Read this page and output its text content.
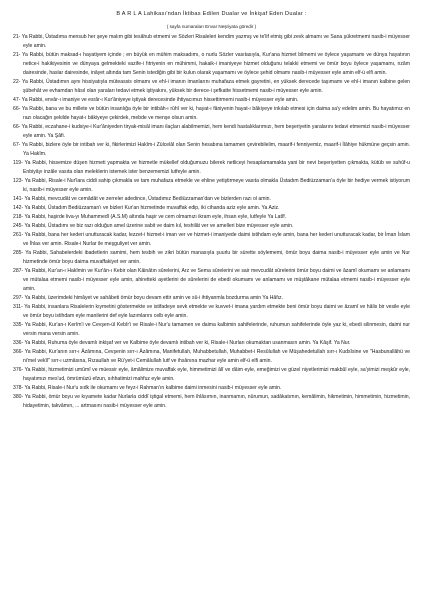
B A R L A Lahikası'ndan İktibas Edilen Dualar ve İnkişaf Eden Dualar :
( sayfa numaraları Envar Neşriyata göredir )

21- Ya Rabbi, Üstadıma mensub her şeye malım gibi tesâhub etmemi ve Sözleri Risaleleri kendim yazmış ve te'lif etmiş gibi zevk almamı ve Sana şükretmemi nasib-i müyesser eyle amin.

21- Ya Rabbi, bütün maksad-ı hayatiyem içinde ; en büyük en mühim maksadımı, o nurlu Sözler vasıtasıyla, Kur'ana hizmet bilmemi ve öylece yaşamamı ve dünya hayatının netice-i hakikiyesinin ve dünyaya gelmekteki vazife-i fıtriyenin en mühimmi, hakaik-i imaniyeye hizmet olduğunu telakki etmemi ve ömür boyu öylece yaşamamı, nzâm dairesinde, haslar dairesinde, inâyet altında tam Senin istediğin gibi bir kulun olarak yaşamamı ve öylece şehid olmamı nasib-i müyesser eyle amin elf-ü elfi amin.

22- Ya Rabbi, Üstadımın aynı hissiyatıyla müteassis olmamı ve ehl-i imanın imanlarını muhafaza etmek gayretini, en yüksek derecede taşımamı ve ehl-i imanın kalbine gelen şübehât ve evhamdan hâsıl olan yaraları tedavi etmek iştiyakını, yüksek bir derece-i şefkatte hissetmemi nasib-i müyesser eyle amin.

47- Ya Rabbi, envâr-ı imaniye ve esrâr-ı Kur'âniyeye iştiyak derecesinde ihtiyacımızı hissettirmemi nasib-i müyesser eyle amin.

66- Ya Rabbi, bana ve bu millete ve bütün insanlığa öyle bir intibâh-ı rûhî ver ki, hayat-ı fâniyenin hayat-ı bâkiyeye inkılab etmesi için daima sa'y edelim amin. Bu hayatımız en razı olacağın şekilde hayat-ı bâkiyeye çekirdek, mebde ve menşe olsun amin.

66- Ya Rabbi, eczahane-i kudsiye-i Kur'âniyeden tiryak-misâl imanı ilaçları alabilmemizi, hem kendi hastalıklarımızı, hem beşeriyetin yaralarını tedavi etmemizi nasib-i müyesser eyle amin. Ya Şâfi.

67- Ya Rabbi, bizlere öyle bir intibah ver ki, fikirlerimizi Hakîm-i Zülcelâl olan Senin hesabına tamamen çevirebilelim, maarif-i fenniyemiz, maarif-i İlâhiye hükmüne geçsin amin. Ya Hakîm.

119- Ya Rabbi, hissemize düşen hizmeti yapmakta ve hizmetle mükellef olduğumuzu bilerek netliceyi hesaplamamakta yani bir nevi beşeriyetten çıkmakta, kütüb ve suhûf-u Enbiyâyı inzâle vasıta olan meleklerin istemek ister benzememizi lutfeyle amin.

123- Ya Rabbi, Risale-i Nur'lara ciddi sahip çıkmakla ve tam muhafaza etmekle ve ehline yetiştirmeye vasıta olmakla Üstadım Bediüzzaman'a öyle bir hediye vermek istiyorum ki, nasib-i müyesser eyle amin.

141- Ya Rabbi, mevcudât ve cemâdât ve zerreler adedince, Üstadımız Bediüzzaman'dan ve bizlerden razı ol amin.

142- Ya Rabbi, Üstadım Bediüzzaman'ı ve bizleri Kur'an hizmetinde muvaffak edip, iki cihanda aziz eyle amin. Ya Aziz.

218- Ya Rabbi, haşirde liva-yı Muhammedî (A.S.M) altında haşir ve cem olmamızı ikram eyle, ihsan eyle, lutfeyle Ya Latîf.

245- Ya Rabbi, Üstadımı ve biz razı olduğun amel üzerine sabit ve daim kıl, teshilât ver ve amelleri bize müyesser eyle amin.

261- Ya Rabbi, bana her kederi unutturacak kadar, lezzet-i hizmet-i iman ver ve hizmet-i imaniyede daimi istihdam eyle amin, bana her kederi unutturacak kadar, bir İman İslam ve İhlas ver amin. Risale-i Nurlar ile meşguliyet ver amin.

285- Ya Rabbi, Sahabelerdeki ibadetlerin samimi, hem tesbih ve zikri bütün manasıyla şuurlu bir sürette söylememi, ömür boyu daima nasib-i müyesser eyle amin ve Nur hizmetinde ömür boyu daima muvaffakiyet ver amin.

287- Ya Rabbi, Kur'an-ı Hakîmin ve Kur'ân-ı Kebir olan Kâinâtın sûrelerini, Arz ve Sema sûrelerini ve sair mevcudât sûrelerini ömür boyu daimi ve âzamî okumamı ve anlamamı ve mütalaa etmemi nasib-i müyesser eyle amin, ahiretteki ayetlerini de sûrelerini de ebedi okumamı ve anlamamı ve müştâkane mütalaa etmemi nasib-i müyesser eyle amin.

297- Ya Rabbi, üzerimdeki himâyet ve sahâbeti ömür boyu devam ettir amin ve sû-i ihtiyanmla bozdurma amin Ya Hâfız.

311- Ya Rabbi, insanlara Risalelerin kıymetini göstermekte ve istifadeye sevk etmekte ve kuvvet-i imana yardım etmekte beni ömür boyu daimi ve âzamî ve hâlis bir vesile eyle ve ömür boyu istihdam eyle manilerini def eyle lazımlarını celb eyle amin.

335- Ya Rabbi, Kur'an-ı Kerîm'i ve Cevşen-ül Kebîr'i ve Risale-i Nur'u tamamen ve daima kalbimin sahifelerinde, ruhumun sahifelerinde öyle yaz ki, ebedi silinmesin, daimi nur versin mana versin amin.

336- Ya Rabbi, Ruhuma öyle devamlı inkişaf ver ve Kalbime öyle devamlı intibah ver ki, Risale-i Nurları okumaktan usanmasın amin. Ya Kâşif. Ya Nur.

366- Ya Rabbi, Kur'anın sırr-ı Âzâmına, Cevşenin sırr-ı Âzâmına, Manifetullah, Muhabbetullah, Muhabbet-i Resûlullah ve Müşahedetullah sırr-ı Kudsîsine ve "Hasbunallâhü ve ni'mel vekîl" sırr-ı uzmâsına, Rızaullah ve Rü'yet-i Cemâlullah lutf ve ihsânına mazhar eyle amin elf-ü elfi amin.

376- Ya Rabbi, hizmetimizi umûmî ve müessir eyle, âmâlimize muvaffak eyle, himmetimizi âlî ve dâim eyle, emeğimizi ve güzel niyetlerimizi makbûl eyle, sa'yimizi meşkûr eyle, hayatımızı mes'ud, ömrümüzü efzun, sıhhatimizi mahfuz eyle amin.

378- Ya Rabbi, Risale-i Nur'u sıdk ile okumamı ve feyz-i Rahman'ın kalbime daimi inmesini nasib-i müyesser eyle amin.

380- Ya Rabbi, ömür boyu ve kıyamete kadar Nurlarla ciddî iştigal etmemi, hem ihlâsımın, inanmamın, nûrumun, sadâkatımın, kemâlimin, hikmetimin, himmetimin, hizmetimin, hidayetimin, takvâmın, ... artmasını nasib-i müyesser eyle amin.
